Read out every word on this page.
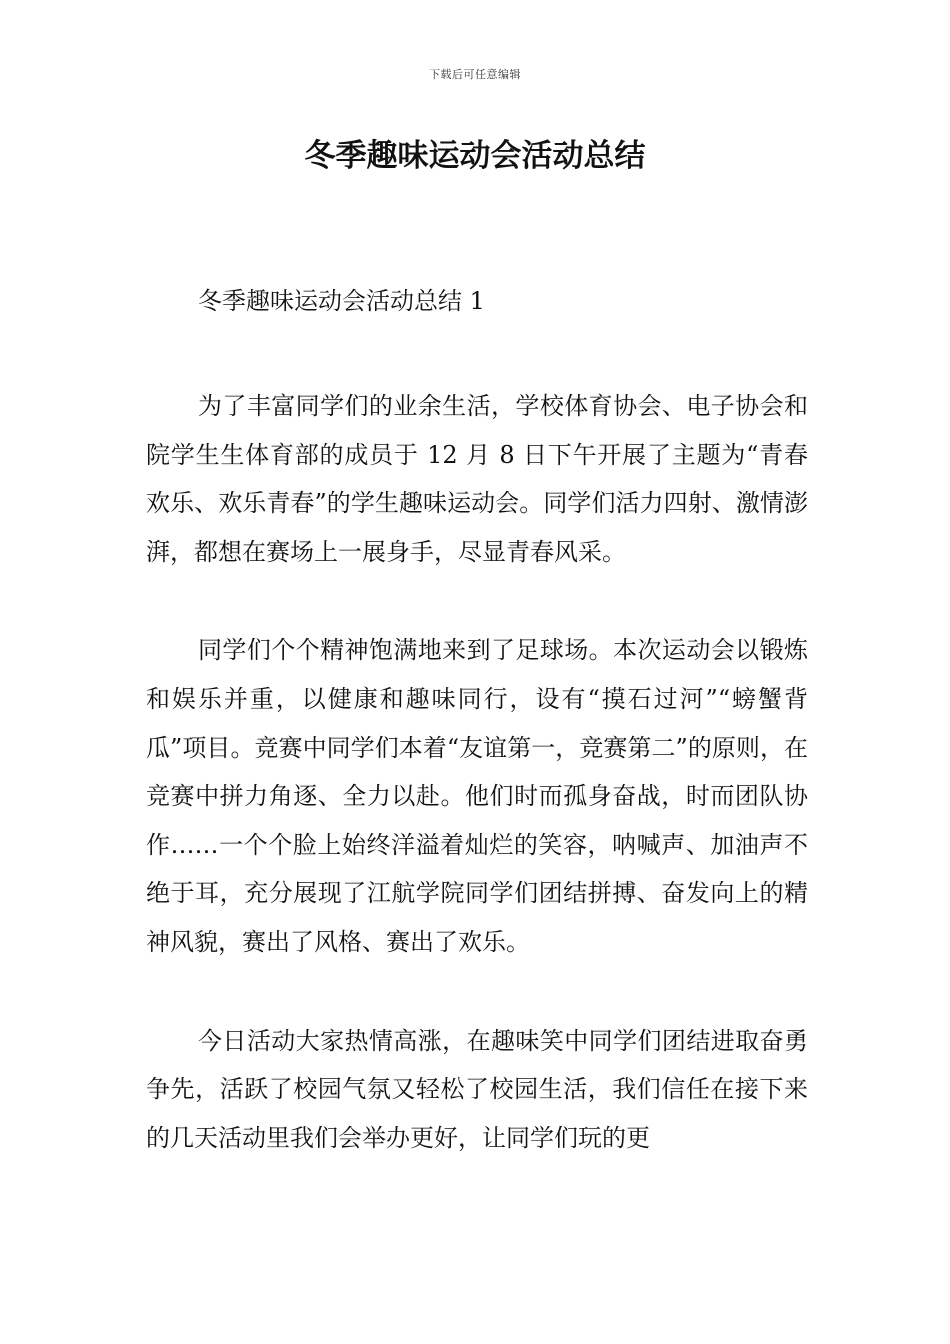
下载后可任意编辑
冬季趣味运动会活动总结

冬季趣味运动会活动总结 1

为了丰富同学们的业余生活，学校体育协会、电子协会和院学生生体育部的成员于 12 月 8 日下午开展了主题为“青春欢乐、欢乐青春”的学生趣味运动会。同学们活力四射、激情澎湃，都想在赛场上一展身手，尽显青春风采。

同学们个个精神饱满地来到了足球场。本次运动会以锻炼和娱乐并重，以健康和趣味同行，设有“摸石过河”“螃蟹背瓜”项目。竞赛中同学们本着“友谊第一，竞赛第二”的原则，在竞赛中拼力角逐、全力以赴。他们时而孤身奋战，时而团队协作……一个个脸上始终洋溢着灿烂的笑容，呐喊声、加油声不绝于耳，充分展现了江航学院同学们团结拼搏、奋发向上的精神风貌，赛出了风格、赛出了欢乐。

今日活动大家热情高涨，在趣味笑中同学们团结进取奋勇争先，活跃了校园气氛又轻松了校园生活，我们信任在接下来的几天活动里我们会举办更好，让同学们玩的更
